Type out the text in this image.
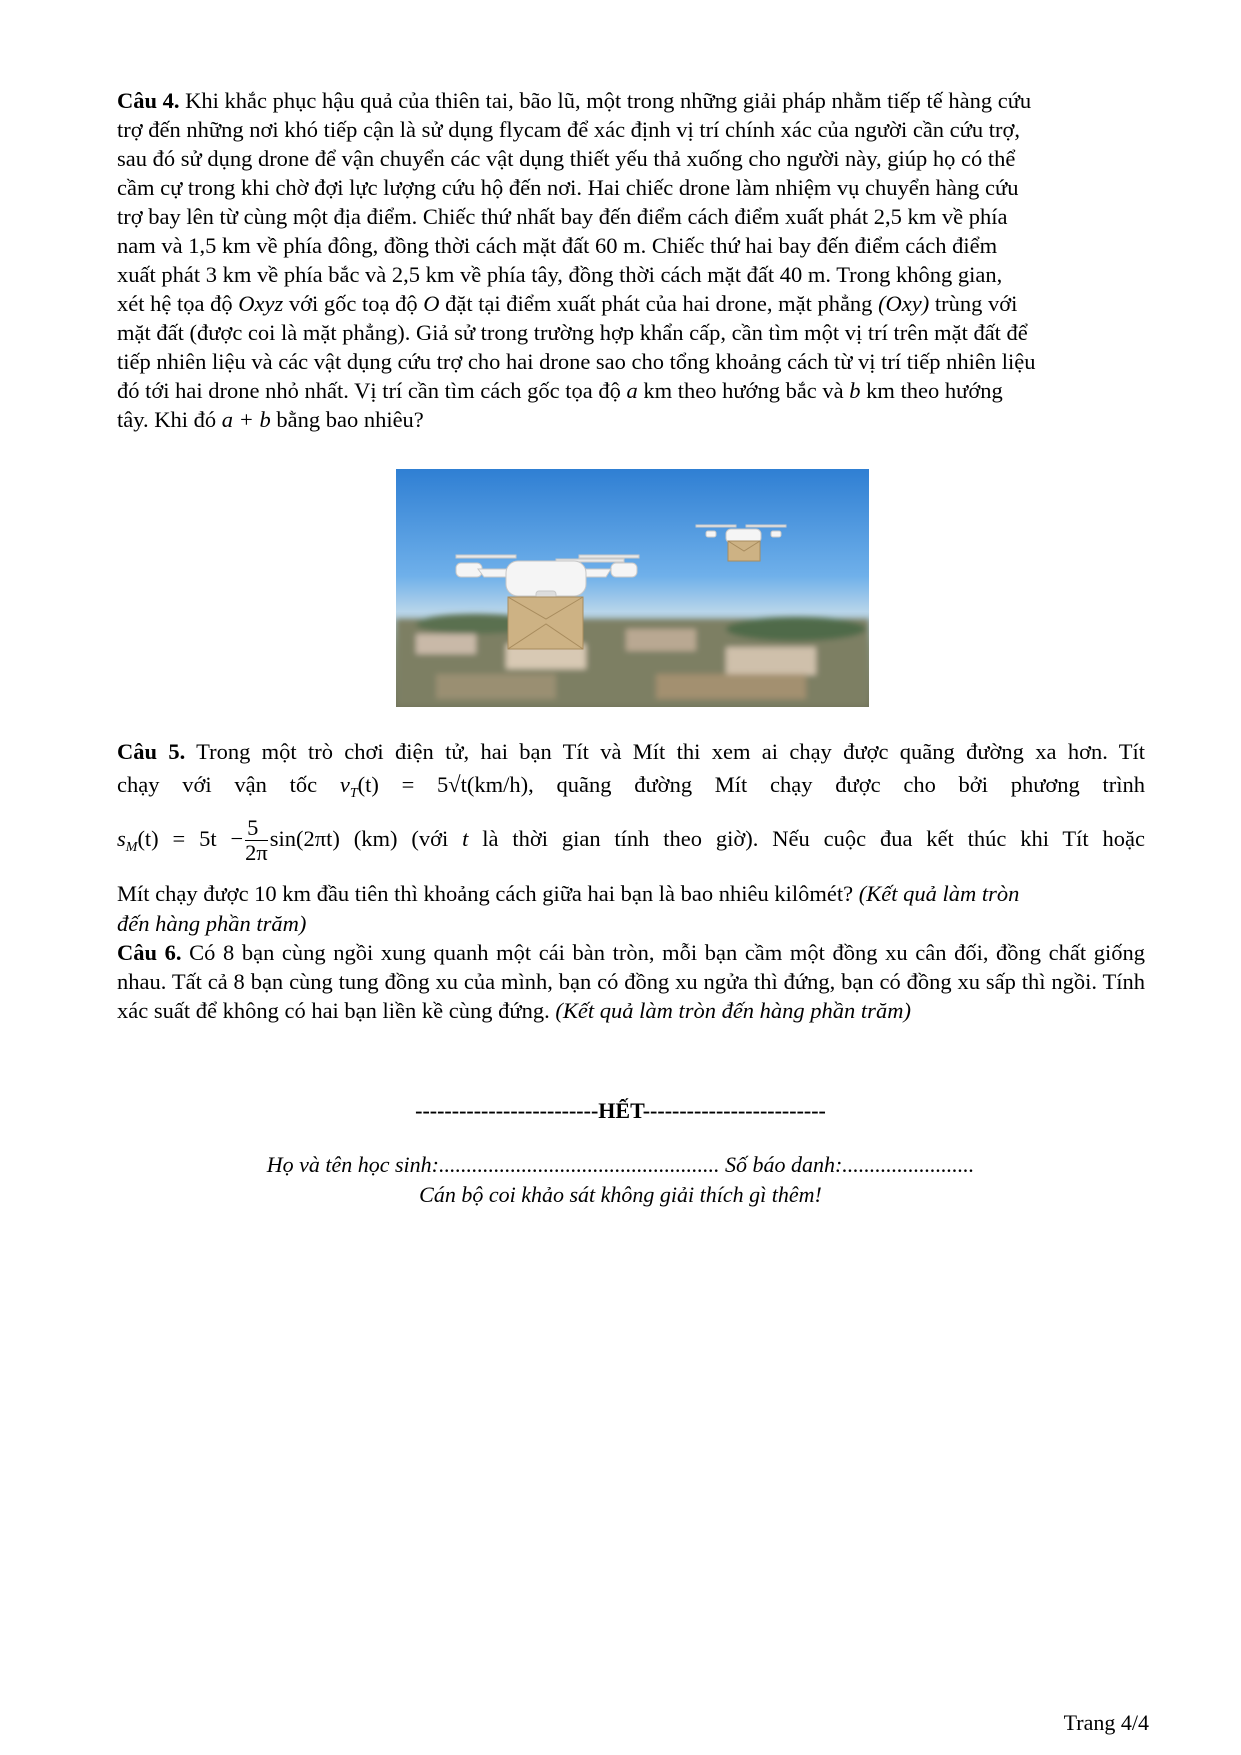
Câu 4. Khi khắc phục hậu quả của thiên tai, bão lũ, một trong những giải pháp nhằm tiếp tế hàng cứu
trợ đến những nơi khó tiếp cận là sử dụng flycam để xác định vị trí chính xác của người cần cứu trợ,
sau đó sử dụng drone để vận chuyển các vật dụng thiết yếu thả xuống cho người này, giúp họ có thể
cầm cự trong khi chờ đợi lực lượng cứu hộ đến nơi. Hai chiếc drone làm nhiệm vụ chuyển hàng cứu
trợ bay lên từ cùng một địa điểm. Chiếc thứ nhất bay đến điểm cách điểm xuất phát 2,5 km về phía
nam và 1,5 km về phía đông, đồng thời cách mặt đất 60 m. Chiếc thứ hai bay đến điểm cách điểm
xuất phát 3 km về phía bắc và 2,5 km về phía tây, đồng thời cách mặt đất 40 m. Trong không gian,
xét hệ tọa độ Oxyz với gốc toạ độ O đặt tại điểm xuất phát của hai drone, mặt phẳng (Oxy) trùng với
mặt đất (được coi là mặt phẳng). Giả sử trong trường hợp khẩn cấp, cần tìm một vị trí trên mặt đất để
tiếp nhiên liệu và các vật dụng cứu trợ cho hai drone sao cho tổng khoảng cách từ vị trí tiếp nhiên liệu
đó tới hai drone nhỏ nhất. Vị trí cần tìm cách gốc tọa độ a km theo hướng bắc và b km theo hướng
tây. Khi đó a + b bằng bao nhiêu?

Câu 5. Trong một trò chơi điện tử, hai bạn Tít và Mít thi xem ai chạy được quãng đường xa hơn. Tít

chạy với vận tốc $v_T(t) = 5√t(km/h)$, quãng đường Mít chạy được cho bởi phương trình

$s_M(t) = 5t - \frac{5}{2\pi} \sin(2\pi t)$ (km) (với t là thời gian tính theo giờ). Nếu cuộc đua kết thúc khi Tít hoặc

Mít chạy được 10 km đầu tiên thì khoảng cách giữa hai bạn là bao nhiêu kilômét? (Kết quả làm tròn

đến hàng phần trăm)

Câu 6. Có 8 bạn cùng ngồi xung quanh một cái bàn tròn, mỗi bạn cầm một đồng xu cân đối, đồng chất giống nhau. Tất cả 8 bạn cùng tung đồng xu của mình, bạn có đồng xu ngửa thì đứng, bạn có đồng xu sấp thì ngồi. Tính xác suất để không có hai bạn liền kề cùng đứng. (Kết quả làm tròn đến hàng phần trăm)

-------------------------HẾT-------------------------
Họ và tên học sinh:................................................... Số báo danh:........................
Cán bộ coi khảo sát không giải thích gì thêm!
Trang 4/4
